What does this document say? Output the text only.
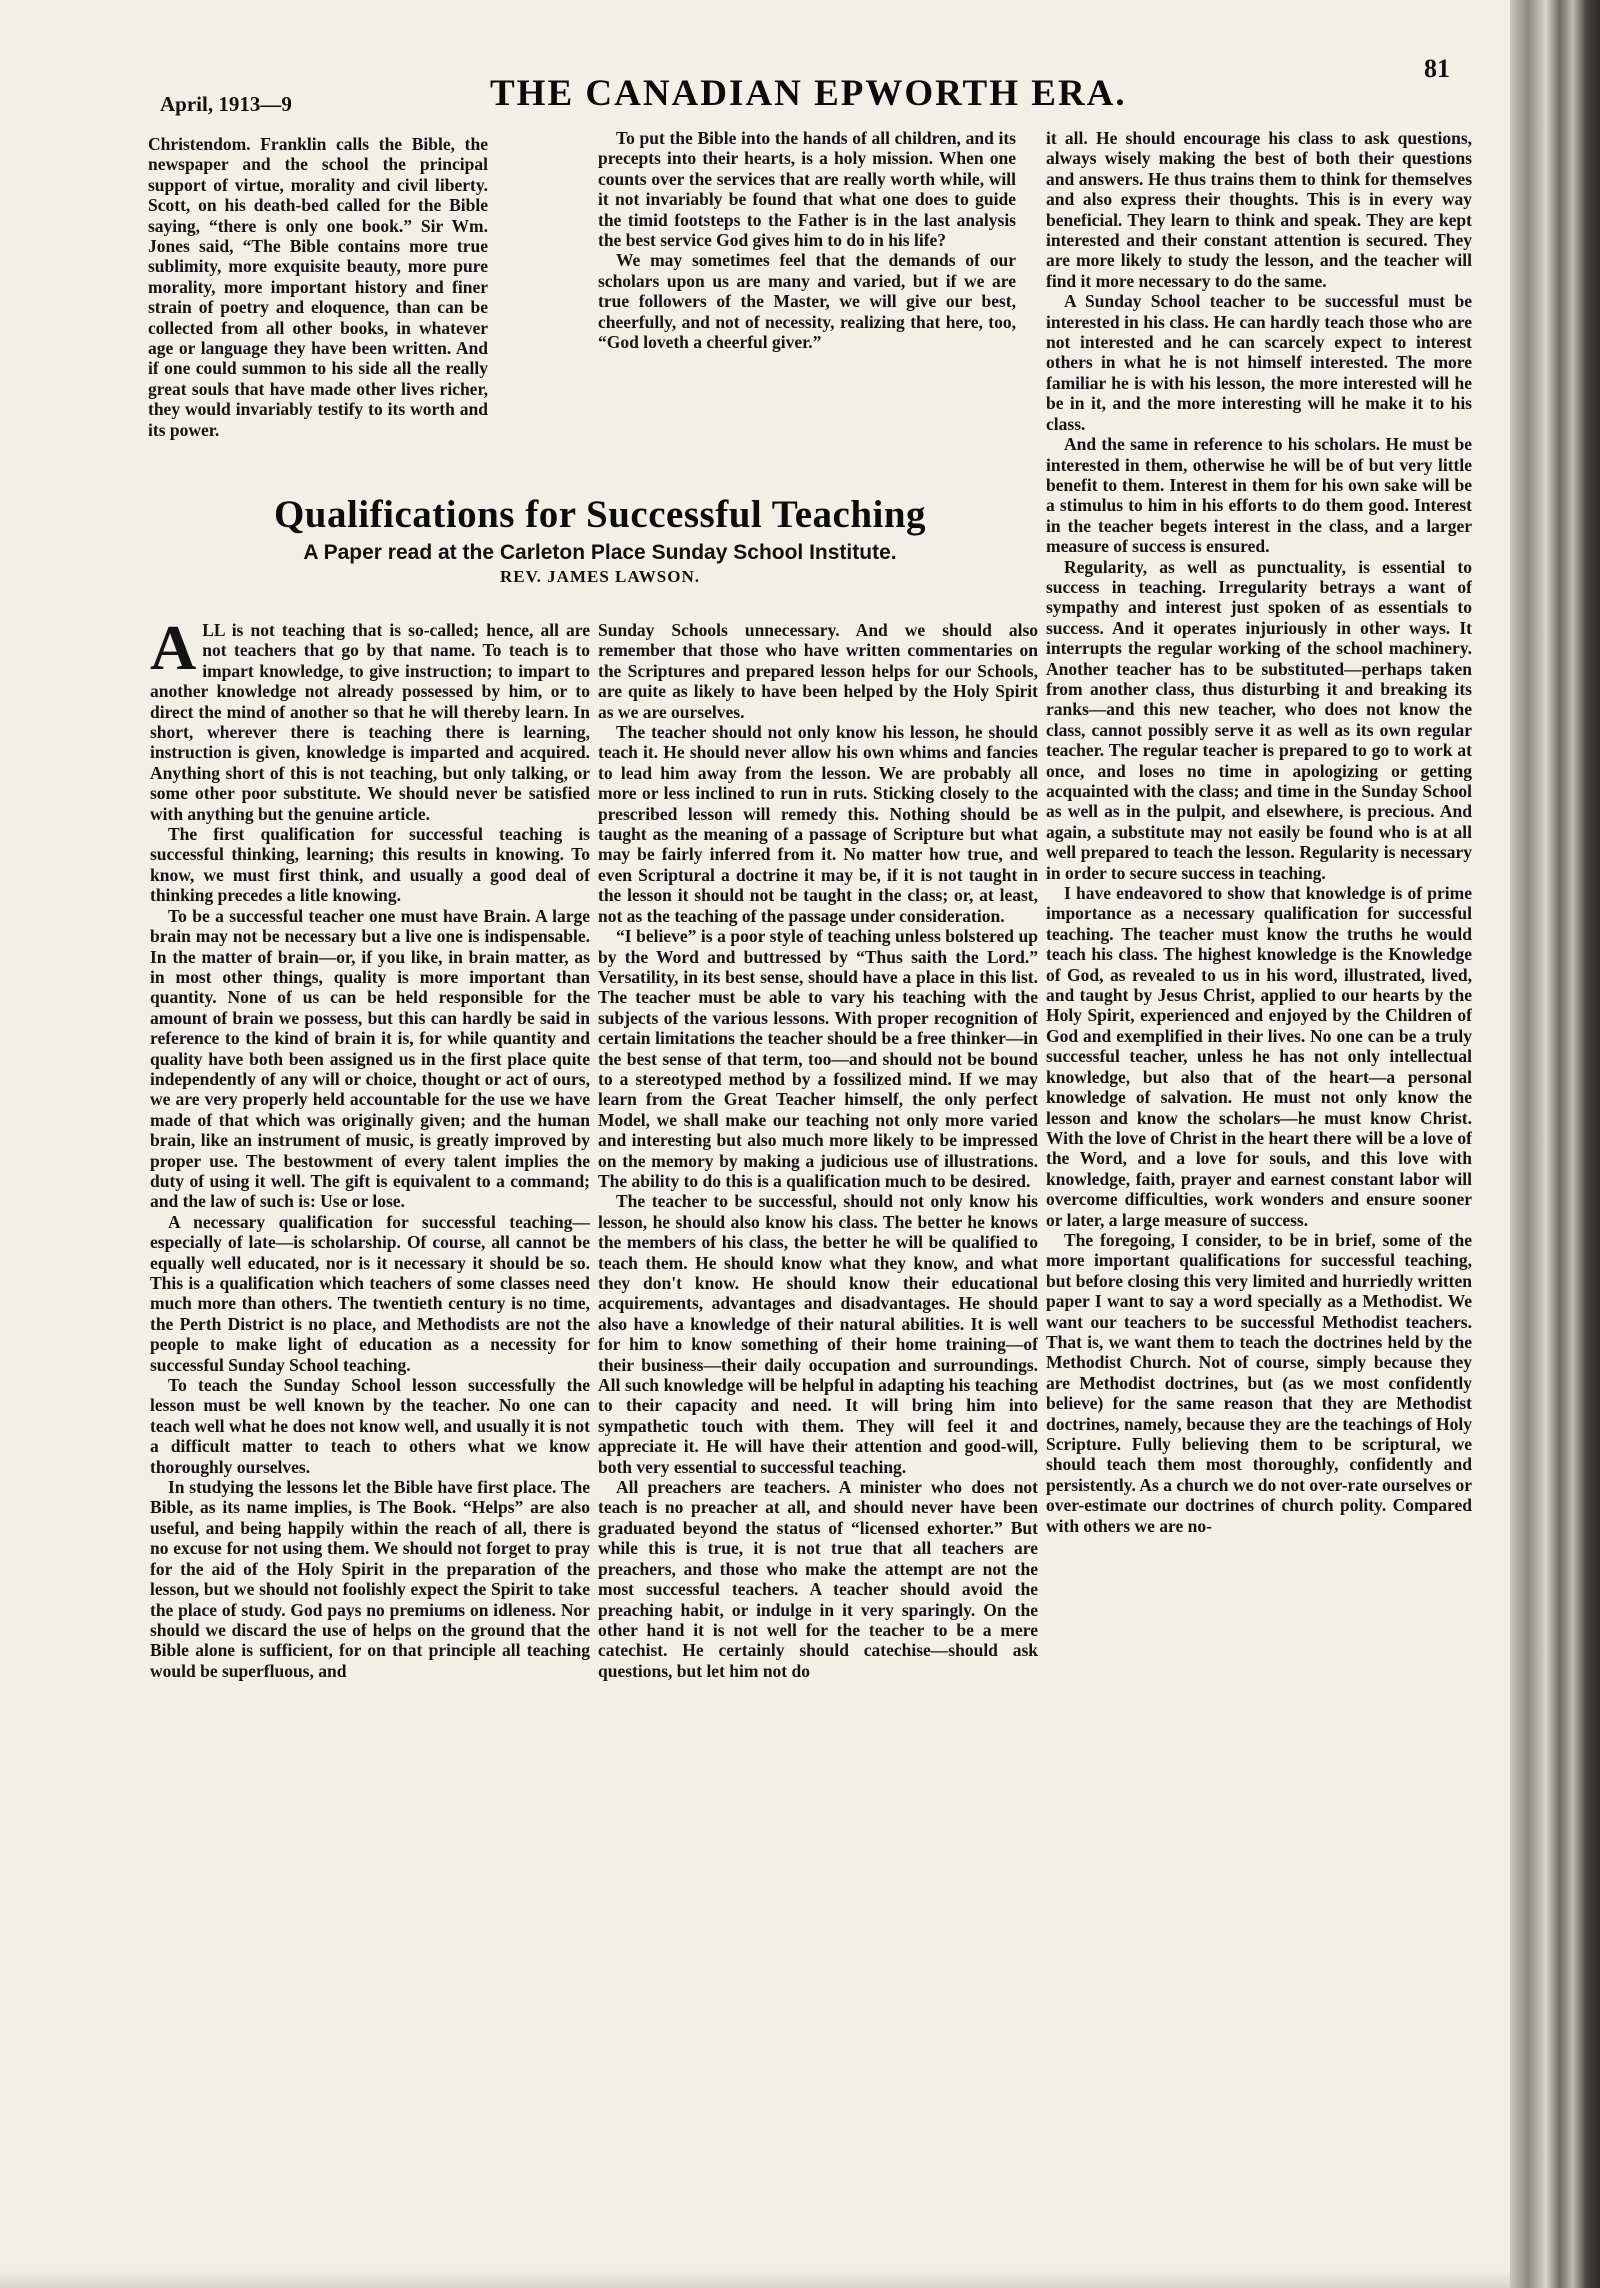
April, 1913—9	THE CANADIAN EPWORTH ERA.
81

Christendom. Franklin calls the Bible, the newspaper and the school the principal support of virtue, morality and civil liberty. Scott, on his death-bed called for the Bible saying, “there is only one book.” Sir Wm. Jones said, “The Bible contains more true sublimity, more exquisite beauty, more pure morality, more important history and finer strain of poetry and eloquence, than can be collected from all other books, in whatever age or language they have been written. And if one could summon to his side all the really great souls that have made other lives richer, they would invariably testify to its worth and its power.

To put the Bible into the hands of all children, and its precepts into their hearts, is a holy mission. When one counts over the services that are really worth while, will it not invariably be found that what one does to guide the timid footsteps to the Father is in the last analysis the best service God gives him to do in his life?

We may sometimes feel that the demands of our scholars upon us are many and varied, but if we are true followers of the Master, we will give our best, cheerfully, and not of necessity, realizing that here, too, “God loveth a cheerful giver.”

Qualifications for Successful Teaching
A Paper read at the Carleton Place Sunday School Institute.
REV. JAMES LAWSON.

ALL is not teaching that is so-called; hence, all are not teachers that go by that name. To teach is to impart knowledge, to give instruction; to impart to another knowledge not already possessed by him, or to direct the mind of another so that he will thereby learn. In short, wherever there is teaching there is learning, instruction is given, knowledge is imparted and acquired. Anything short of this is not teaching, but only talking, or some other poor substitute. We should never be satisfied with anything but the genuine article.

The first qualification for successful teaching is successful thinking, learning; this results in knowing. To know, we must first think, and usually a good deal of thinking precedes a litle knowing.

To be a successful teacher one must have Brain. A large brain may not be necessary but a live one is indispensable. In the matter of brain—or, if you like, in brain matter, as in most other things, quality is more important than quantity. None of us can be held responsible for the amount of brain we possess, but this can hardly be said in reference to the kind of brain it is, for while quantity and quality have both been assigned us in the first place quite independently of any will or choice, thought or act of ours, we are very properly held accountable for the use we have made of that which was originally given; and the human brain, like an instrument of music, is greatly improved by proper use. The bestowment of every talent implies the duty of using it well. The gift is equivalent to a command; and the law of such is: Use or lose.

A necessary qualification for successful teaching—especially of late—is scholarship. Of course, all cannot be equally well educated, nor is it necessary it should be so. This is a qualification which teachers of some classes need much more than others. The twentieth century is no time, the Perth District is no place, and Methodists are not the people to make light of education as a necessity for successful Sunday School teaching.

To teach the Sunday School lesson successfully the lesson must be well known by the teacher. No one can teach well what he does not know well, and usually it is not a difficult matter to teach to others what we know thoroughly ourselves.

In studying the lessons let the Bible have first place. The Bible, as its name implies, is The Book. “Helps” are also useful, and being happily within the reach of all, there is no excuse for not using them. We should not forget to pray for the aid of the Holy Spirit in the preparation of the lesson, but we should not foolishly expect the Spirit to take the place of study. God pays no premiums on idleness. Nor should we discard the use of helps on the ground that the Bible alone is sufficient, for on that principle all teaching would be superfluous, and

Sunday Schools unnecessary. And we should also remember that those who have written commentaries on the Scriptures and prepared lesson helps for our Schools, are quite as likely to have been helped by the Holy Spirit as we are ourselves.

The teacher should not only know his lesson, he should teach it. He should never allow his own whims and fancies to lead him away from the lesson. We are probably all more or less inclined to run in ruts. Sticking closely to the prescribed lesson will remedy this. Nothing should be taught as the meaning of a passage of Scripture but what may be fairly inferred from it. No matter how true, and even Scriptural a doctrine it may be, if it is not taught in the lesson it should not be taught in the class; or, at least, not as the teaching of the passage under consideration.

“I believe” is a poor style of teaching unless bolstered up by the Word and buttressed by “Thus saith the Lord.” Versatility, in its best sense, should have a place in this list. The teacher must be able to vary his teaching with the subjects of the various lessons. With proper recognition of certain limitations the teacher should be a free thinker—in the best sense of that term, too—and should not be bound to a stereotyped method by a fossilized mind. If we may learn from the Great Teacher himself, the only perfect Model, we shall make our teaching not only more varied and interesting but also much more likely to be impressed on the memory by making a judicious use of illustrations. The ability to do this is a qualification much to be desired.

The teacher to be successful, should not only know his lesson, he should also know his class. The better he knows the members of his class, the better he will be qualified to teach them. He should know what they know, and what they don't know. He should know their educational acquirements, advantages and disadvantages. He should also have a knowledge of their natural abilities. It is well for him to know something of their home training—of their business—their daily occupation and surroundings. All such knowledge will be helpful in adapting his teaching to their capacity and need. It will bring him into sympathetic touch with them. They will feel it and appreciate it. He will have their attention and good-will, both very essential to successful teaching.

All preachers are teachers. A minister who does not teach is no preacher at all, and should never have been graduated beyond the status of “licensed exhorter.” But while this is true, it is not true that all teachers are preachers, and those who make the attempt are not the most successful teachers. A teacher should avoid the preaching habit, or indulge in it very sparingly. On the other hand it is not well for the teacher to be a mere catechist. He certainly should catechise—should ask questions, but let him not do

it all. He should encourage his class to ask questions, always wisely making the best of both their questions and answers. He thus trains them to think for themselves and also express their thoughts. This is in every way beneficial. They learn to think and speak. They are kept interested and their constant attention is secured. They are more likely to study the lesson, and the teacher will find it more necessary to do the same.

A Sunday School teacher to be successful must be interested in his class. He can hardly teach those who are not interested and he can scarcely expect to interest others in what he is not himself interested. The more familiar he is with his lesson, the more interested will he be in it, and the more interesting will he make it to his class.

And the same in reference to his scholars. He must be interested in them, otherwise he will be of but very little benefit to them. Interest in them for his own sake will be a stimulus to him in his efforts to do them good. Interest in the teacher begets interest in the class, and a larger measure of success is ensured.

Regularity, as well as punctuality, is essential to success in teaching. Irregularity betrays a want of sympathy and interest just spoken of as essentials to success. And it operates injuriously in other ways. It interrupts the regular working of the school machinery. Another teacher has to be substituted—perhaps taken from another class, thus disturbing it and breaking its ranks—and this new teacher, who does not know the class, cannot possibly serve it as well as its own regular teacher. The regular teacher is prepared to go to work at once, and loses no time in apologizing or getting acquainted with the class; and time in the Sunday School as well as in the pulpit, and elsewhere, is precious. And again, a substitute may not easily be found who is at all well prepared to teach the lesson. Regularity is necessary in order to secure success in teaching.

I have endeavored to show that knowledge is of prime importance as a necessary qualification for successful teaching. The teacher must know the truths he would teach his class. The highest knowledge is the Knowledge of God, as revealed to us in his word, illustrated, lived, and taught by Jesus Christ, applied to our hearts by the Holy Spirit, experienced and enjoyed by the Children of God and exemplified in their lives. No one can be a truly successful teacher, unless he has not only intellectual knowledge, but also that of the heart—a personal knowledge of salvation. He must not only know the lesson and know the scholars—he must know Christ. With the love of Christ in the heart there will be a love of the Word, and a love for souls, and this love with knowledge, faith, prayer and earnest constant labor will overcome difficulties, work wonders and ensure sooner or later, a large measure of success.

The foregoing, I consider, to be in brief, some of the more important qualifications for successful teaching, but before closing this very limited and hurriedly written paper I want to say a word specially as a Methodist. We want our teachers to be successful Methodist teachers. That is, we want them to teach the doctrines held by the Methodist Church. Not of course, simply because they are Methodist doctrines, but (as we most confidently believe) for the same reason that they are Methodist doctrines, namely, because they are the teachings of Holy Scripture. Fully believing them to be scriptural, we should teach them most thoroughly, confidently and persistently. As a church we do not over-rate ourselves or over-estimate our doctrines of church polity. Compared with others we are no-
